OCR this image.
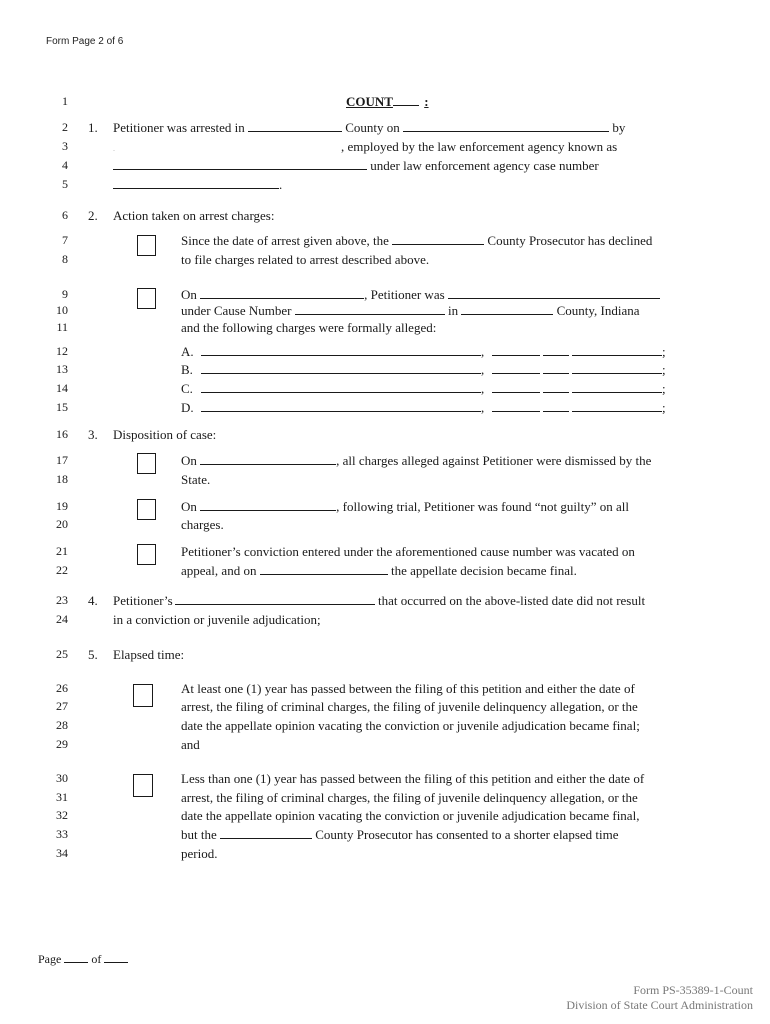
Form Page 2 of 6
1
2
3
4
5
6
7
8
9
10
11
12
13
14
15
16
17
18
19
20
21
22
23
24
25
26
27
28
29
30
31
32
33
34
COUNT :
1. Petitioner was arrested in	County on	by
.	, employed by the law enforcement agency known as
under law enforcement agency case number
.
2. Action taken on arrest charges:
Since the date of arrest given above, the	County Prosecutor has declined
to file charges related to arrest described above.
On	, Petitioner was
under Cause Number	in	County, Indiana
and the following charges were formally alleged:
A.	,	;
B.	,	;
C.	,	;
D.	,	;
3. Disposition of case:
On	, all charges alleged against Petitioner were dismissed by the
State.
On	, following trial, Petitioner was found “not guilty” on all
charges.
Petitioner’s conviction entered under the aforementioned cause number was vacated on
appeal, and on	the appellate decision became final.
4. Petitioner’s	that occurred on the above-listed date did not result
in a conviction or juvenile adjudication;
5. Elapsed time:
At least one (1) year has passed between the filing of this petition and either the date of
arrest, the filing of criminal charges, the filing of juvenile delinquency allegation, or the
date the appellate opinion vacating the conviction or juvenile adjudication became final;
and
Less than one (1) year has passed between the filing of this petition and either the date of
arrest, the filing of criminal charges, the filing of juvenile delinquency allegation, or the
date the appellate opinion vacating the conviction or juvenile adjudication became final,
but the	County Prosecutor has consented to a shorter elapsed time
period.
Page	of
Form PS-35389-1-Count
Division of State Court Administration
